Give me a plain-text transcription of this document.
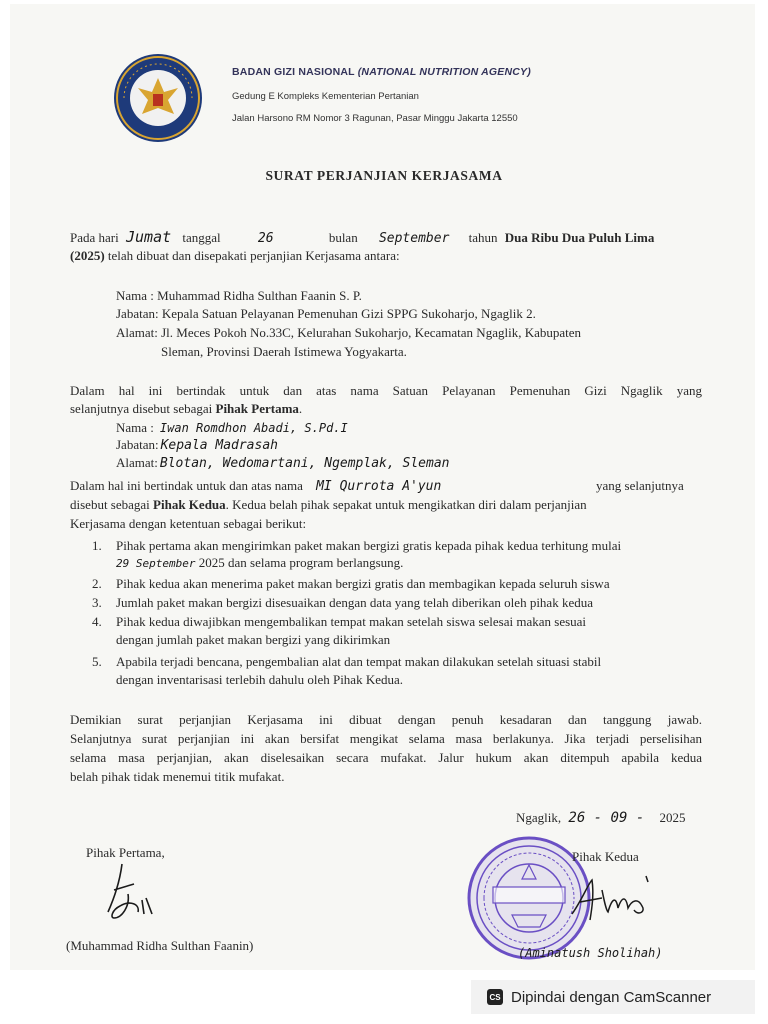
BADAN GIZI NASIONAL (NATIONAL NUTRITION AGENCY)
Gedung E Kompleks Kementerian Pertanian
Jalan Harsono RM Nomor 3 Ragunan, Pasar Minggu Jakarta 12550
SURAT PERJANJIAN KERJASAMA
Pada hari Jumat tanggal	26	bulan September tahun Dua Ribu Dua Puluh Lima
(2025) telah dibuat dan disepakati perjanjian Kerjasama antara:
Nama : Muhammad Ridha Sulthan Faanin S. P.
Jabatan: Kepala Satuan Pelayanan Pemenuhan Gizi SPPG Sukoharjo, Ngaglik 2.
Alamat: Jl. Meces Pokoh No.33C, Kelurahan Sukoharjo, Kecamatan Ngaglik, Kabupaten
Sleman, Provinsi Daerah Istimewa Yogyakarta.
Dalam hal ini bertindak untuk dan atas nama Satuan Pelayanan Pemenuhan Gizi Ngaglik yang
selanjutnya disebut sebagai Pihak Pertama.
Nama : Iwan Romdhon Abadi, S.Pd.I
Jabatan: Kepala Madrasah
Alamat: Blotan, Wedomartani, Ngemplak, Sleman
Dalam hal ini bertindak untuk dan atas nama MI Qurrota A'yun	yang selanjutnya
disebut sebagai Pihak Kedua. Kedua belah pihak sepakat untuk mengikatkan diri dalam perjanjian
Kerjasama dengan ketentuan sebagai berikut:
1. Pihak pertama akan mengirimkan paket makan bergizi gratis kepada pihak kedua terhitung mulai
29 September 2025 dan selama program berlangsung.
2. Pihak kedua akan menerima paket makan bergizi gratis dan membagikan kepada seluruh siswa
3. Jumlah paket makan bergizi disesuaikan dengan data yang telah diberikan oleh pihak kedua
4. Pihak kedua diwajibkan mengembalikan tempat makan setelah siswa selesai makan sesuai
dengan jumlah paket makan bergizi yang dikirimkan
5. Apabila terjadi bencana, pengembalian alat dan tempat makan dilakukan setelah situasi stabil
dengan inventarisasi terlebih dahulu oleh Pihak Kedua.
Demikian surat perjanjian Kerjasama ini dibuat dengan penuh kesadaran dan tanggung jawab.
Selanjutnya surat perjanjian ini akan bersifat mengikat selama masa berlakunya. Jika terjadi perselisihan
selama masa perjanjian, akan diselesaikan secara mufakat. Jalur hukum akan ditempuh apabila kedua
belah pihak tidak menemui titik mufakat.
Ngaglik, 26 - 09 - 2025
Pihak Pertama,
(Muhammad Ridha Sulthan Faanin)
Pihak Kedua
(Aminatush Sholihah)
CS Dipindai dengan CamScanner
